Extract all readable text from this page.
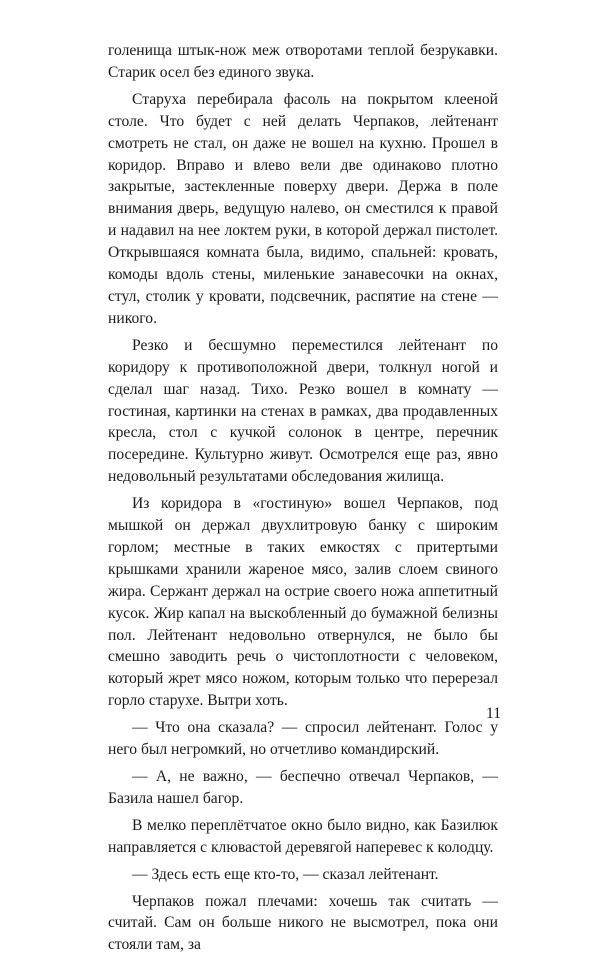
голенища штык-нож меж отворотами теплой безрукавки. Старик осел без единого звука.

Старуха перебирала фасоль на покрытом клееной столе. Что будет с ней делать Черпаков, лейтенант смотреть не стал, он даже не вошел на кухню. Прошел в коридор. Вправо и влево вели две одинаково плотно закрытые, застекленные поверху двери. Держа в поле внимания дверь, ведущую налево, он сместился к правой и надавил на нее локтем руки, в которой держал пистолет. Открывшаяся комната была, видимо, спальней: кровать, комоды вдоль стены, миленькие занавесочки на окнах, стул, столик у кровати, подсвечник, распятие на стене — никого.

Резко и бесшумно переместился лейтенант по коридору к противоположной двери, толкнул ногой и сделал шаг назад. Тихо. Резко вошел в комнату — гостиная, картинки на стенах в рамках, два продавленных кресла, стол с кучкой солонок в центре, перечник посередине. Культурно живут. Осмотрелся еще раз, явно недовольный результатами обследования жилища.

Из коридора в «гостиную» вошел Черпаков, под мышкой он держал двухлитровую банку с широким горлом; местные в таких емкостях с притертыми крышками хранили жареное мясо, залив слоем свиного жира. Сержант держал на острие своего ножа аппетитный кусок. Жир капал на выскобленный до бумажной белизны пол. Лейтенант недовольно отвернулся, не было бы смешно заводить речь о чистоплотности с человеком, который жрет мясо ножом, которым только что перерезал горло старухе. Вытри хоть.

— Что она сказала? — спросил лейтенант. Голос у него был негромкий, но отчетливо командирский.

— А, не важно, — беспечно отвечал Черпаков, — Базила нашел багор.

В мелко переплётчатое окно было видно, как Базилюк направляется с клювастой деревягой наперевес к колодцу.

— Здесь есть еще кто-то, — сказал лейтенант.

Черпаков пожал плечами: хочешь так считать — считай. Сам он больше никого не высмотрел, пока они стояли там, за

11
